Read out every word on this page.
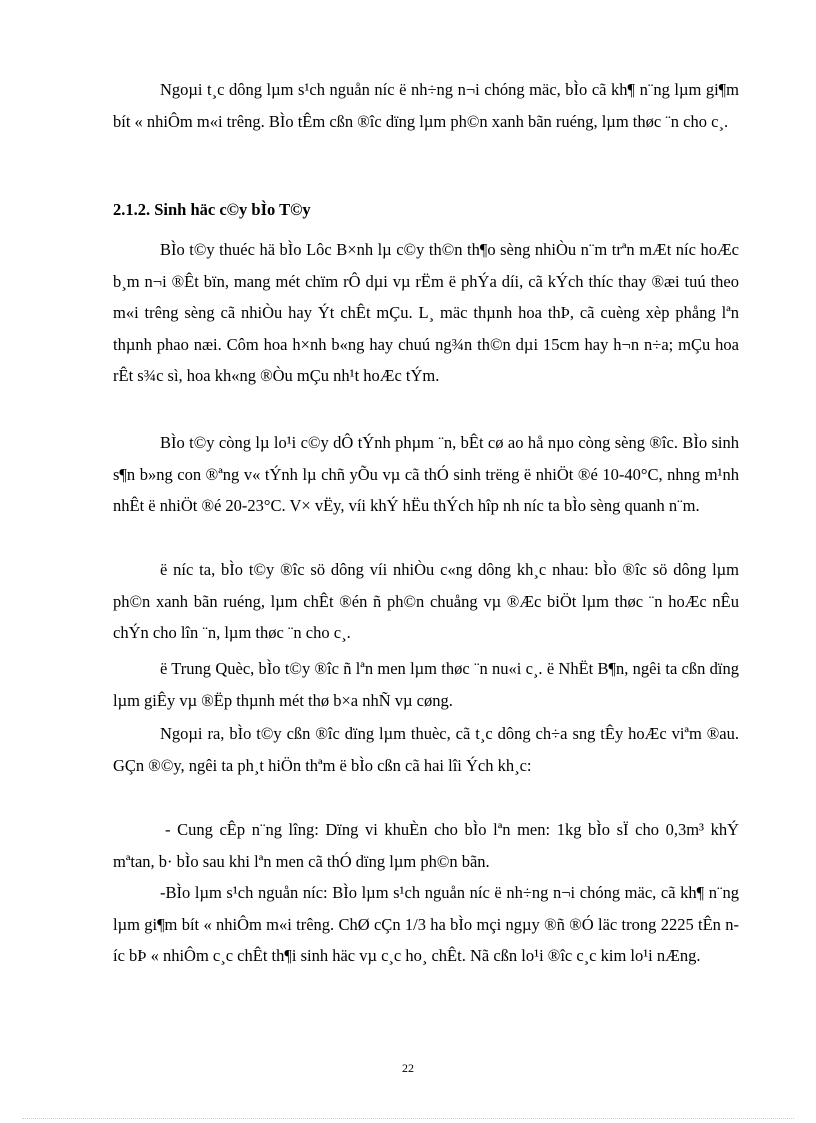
Ngoµi t¸c dông lµm s¹ch nguån níc ë nh÷ng n¬i chóng mäc, bÌo cã kh¶ n¨ng lµm gi¶m bít « nhiÔm m«i trêng. BÌo tÊm cßn ®îc dïng lµm ph©n xanh bãn ruéng, lµm thøc ¨n cho c¸.

2.1.2. Sinh häc c©y bÌo T©y

BÌo t©y thuéc hä bÌo Lôc B×nh lµ c©y th©n th¶o sèng nhiÒu n¨m trªn mÆt níc hoÆc b¸m n¬i ®Êt bïn, mang mét chïm rÔ dµi vµ rËm ë phÝa díi, cã kÝch thíc thay ®æi tuú theo m«i trêng sèng cã nhiÒu hay Ýt chÊt mÇu. L¸ mäc thµnh hoa thÞ, cã cuèng xèp phång lªn thµnh phao næi. Côm hoa h×nh b«ng hay chuú ng¾n th©n dµi 15cm hay h¬n n÷a; mÇu hoa rÊt s¾c sì, hoa kh«ng ®Òu mÇu nh¹t hoÆc tÝm.

BÌo t©y còng lµ lo¹i c©y dÔ tÝnh phµm ¨n, bÊt cø ao hå nµo còng sèng ®îc. BÌo sinh s¶n b»ng con ®ªng v« tÝnh lµ chñ yÕu vµ cã thÓ sinh trëng ë nhiÖt ®é 10-40°C, nhng m¹nh nhÊt ë nhiÖt ®é 20-23°C. V× vËy, víi khÝ hËu thÝch hîp nh níc ta bÌo sèng quanh n¨m.

ë níc ta, bÌo t©y ®îc sö dông víi nhiÒu c«ng dông kh¸c nhau: bÌo ®îc sö dông lµm ph©n xanh bãn ruéng, lµm chÊt ®én ñ ph©n chuång vµ ®Æc biÖt lµm thøc ¨n hoÆc nÊu chÝn cho lîn ¨n, lµm thøc ¨n cho c¸.

ë Trung Quèc, bÌo t©y ®îc ñ lªn men lµm thøc ¨n nu«i c¸. ë NhËt B¶n, ngêi ta cßn dïng lµm giÊy vµ ®Ëp thµnh mét thø b×a nhÑ vµ cøng.

Ngoµi ra, bÌo t©y cßn ®îc dïng lµm thuèc, cã t¸c dông ch÷a sng tÊy hoÆc viªm ®au. GÇn ®©y, ngêi ta ph¸t hiÖn thªm ë bÌo cßn cã hai lîi Ých kh¸c:

- Cung cÊp n¨ng lîng: Dïng vi khuÈn cho bÌo lªn men: 1kg bÌo sÏ cho 0,3m³ khÝ mªtan, b· bÌo sau khi lªn men cã thÓ dïng lµm ph©n bãn.

-BÌo lµm s¹ch nguån níc: BÌo lµm s¹ch nguån níc ë nh÷ng n¬i chóng mäc, cã kh¶ n¨ng lµm gi¶m bít « nhiÔm m«i trêng. ChØ cÇn 1/3 ha bÌo mçi ngµy ®ñ ®Ó läc trong 2225 tÊn níc bÞ « nhiÔm c¸c chÊt th¶i sinh häc vµ c¸c ho¸ chÊt. Nã cßn lo¹i ®îc c¸c kim lo¹i nÆng.

22
